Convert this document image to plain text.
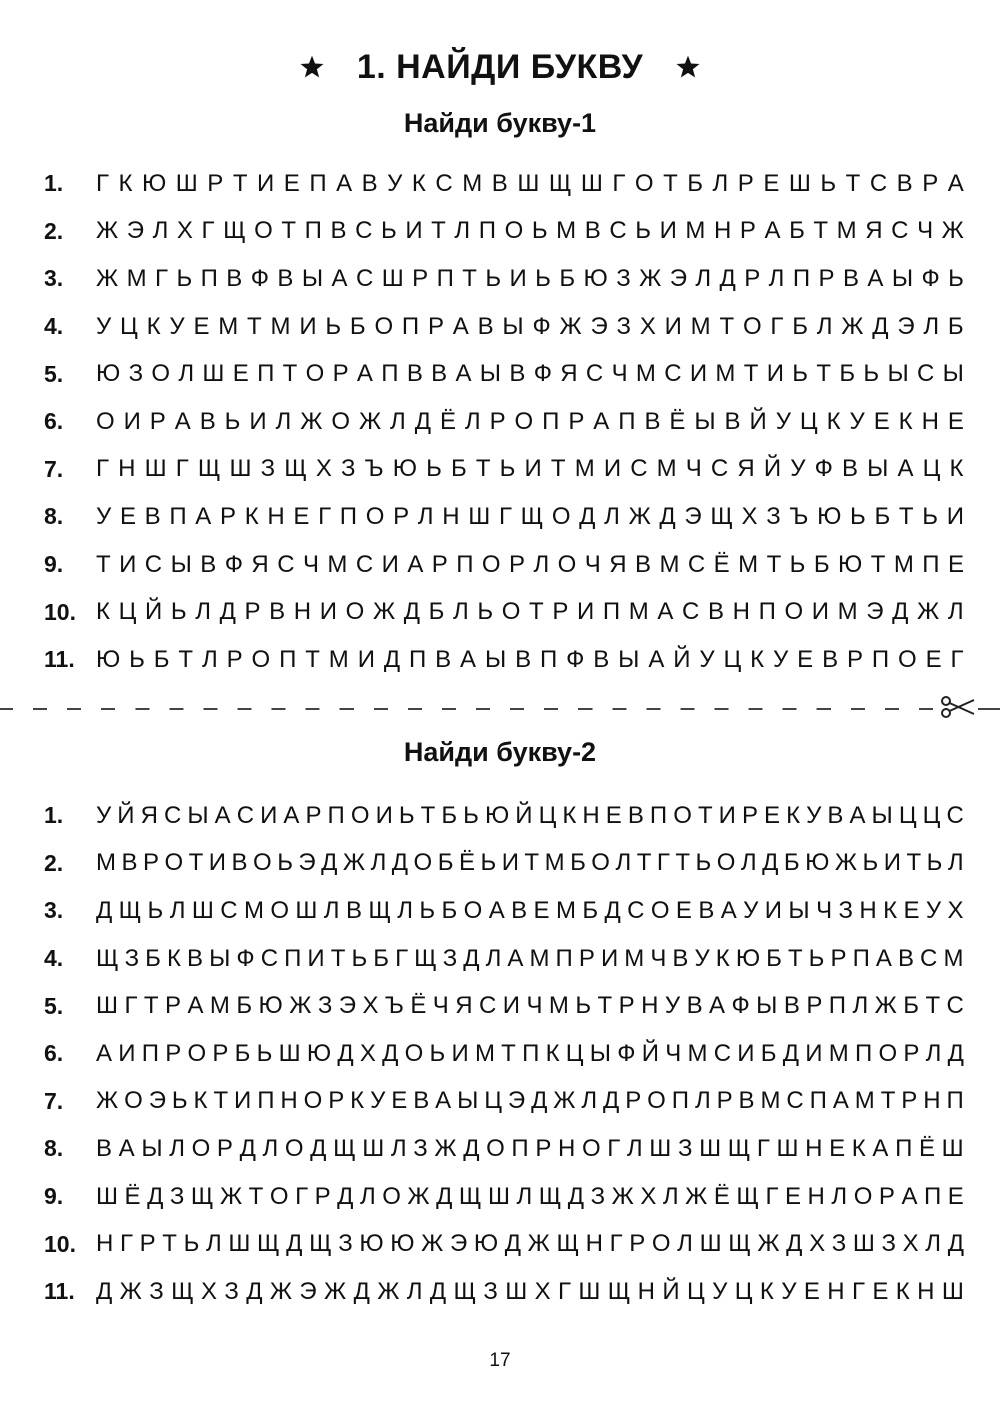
1. НАЙДИ БУКВУ
Найди букву-1
1.	Г К Ю Ш Р Т И Е П А В У К С М В Ш Щ Ш Г О Т Б Л Р Е Ш Ь Т С В Р А
2.	Ж Э Л Х Г Щ О Т П В С Ь И Т Л П О Ь М В С Ь И М Н Р А Б Т М Я С Ч Ж
3.	Ж М Г Ь П В Ф В Ы А С Ш Р П Т Ь И Ь Б Ю З Ж Э Л Д Р Л П Р В А Ы Ф Ь
4.	У Ц К У Е М Т М И Ь Б О П Р А В Ы Ф Ж Э З Х И М Т О Г Б Л Ж Д Э Л Б
5.	Ю З О Л Ш Е П Т О Р А П В В А Ы В Ф Я С Ч М С И М Т И Ь Т Б Ь Ы С Ы
6.	О И Р А В Ь И Л Ж О Ж Л Д Ё Л Р О П Р А П В Ё Ы В Й У Ц К У Е К Н Е
7.	Г Н Ш Г Щ Ш З Щ Х З Ъ Ю Ь Б Т Ь И Т М И С М Ч С Я Й У Ф В Ы А Ц К
8.	У Е В П А Р К Н Е Г П О Р Л Н Ш Г Щ О Д Л Ж Д Э Щ Х З Ъ Ю Ь Б Т Ь И
9.	Т И С Ы В Ф Я С Ч М С И А Р П О Р Л О Ч Я В М С Ё М Т Ь Б Ю Т М П Е
10. К Ц Й Ь Л Д Р В Н И О Ж Д Б Л Ь О Т Р И П М А С В Н П О И М Э Д Ж Л
11. Ю Ь Б Т Л Р О П Т М И Д П В А Ы В П Ф В Ы А Й У Ц К У Е В Р П О Е Г
Найди букву-2
1.	У Й Я С Ы А С И А Р П О И Ь Т Б Ь Ю Й Ц К Н Е В П О Т И Р Е К У В А Ы Ц Ц С
2.	М В Р О Т И В О Ь Э Д Ж Л Д О Б Ё Ь И Т М Б О Л Т Г Т Ь О Л Д Б Ю Ж Ь И Т Ь Л
3.	Д Щ Ь Л Ш С М О Ш Л В Щ Л Ь Б О А В Е М Б Д С О Е В А У И Ы Ч З Н К Е У Х
4.	Щ З Б К В Ы Ф С П И Т Ь Б Г Щ З Д Л А М П Р И М Ч В У К Ю Б Т Ь Р П А В С М
5.	Ш Г Т Р А М Б Ю Ж З Э Х Ъ Ё Ч Я С И Ч М Ь Т Р Н У В А Ф Ы В Р П Л Ж Б Т С
6.	А И П Р О Р Б Ь Ш Ю Д Х Д О Ь И М Т П К Ц Ы Ф Й Ч М С И Б Д И М П О Р Л Д
7.	Ж О Э Ь К Т И П Н О Р К У Е В А Ы Ц Э Д Ж Л Д Р О П Л Р В М С П А М Т Р Н П
8.	В А Ы Л О Р Д Л О Д Щ Ш Л З Ж Д О П Р Н О Г Л Ш З Ш Щ Г Ш Н Е К А П Ё Ш
9.	Ш Ё Д З Щ Ж Т О Г Р Д Л О Ж Д Щ Ш Л Щ Д З Ж Х Л Ж Ё Щ Г Е Н Л О Р А П Е
10. Н Г Р Т Ь Л Ш Щ Д Щ З Ю Ю Ж Э Ю Д Ж Щ Н Г Р О Л Ш Щ Ж Д Х З Ш З Х Л Д
11. Д Ж З Щ Х З Д Ж Э Ж Д Ж Л Д Щ З Ш Х Г Ш Щ Н Й Ц У Ц К У Е Н Г Е К Н Ш
17
